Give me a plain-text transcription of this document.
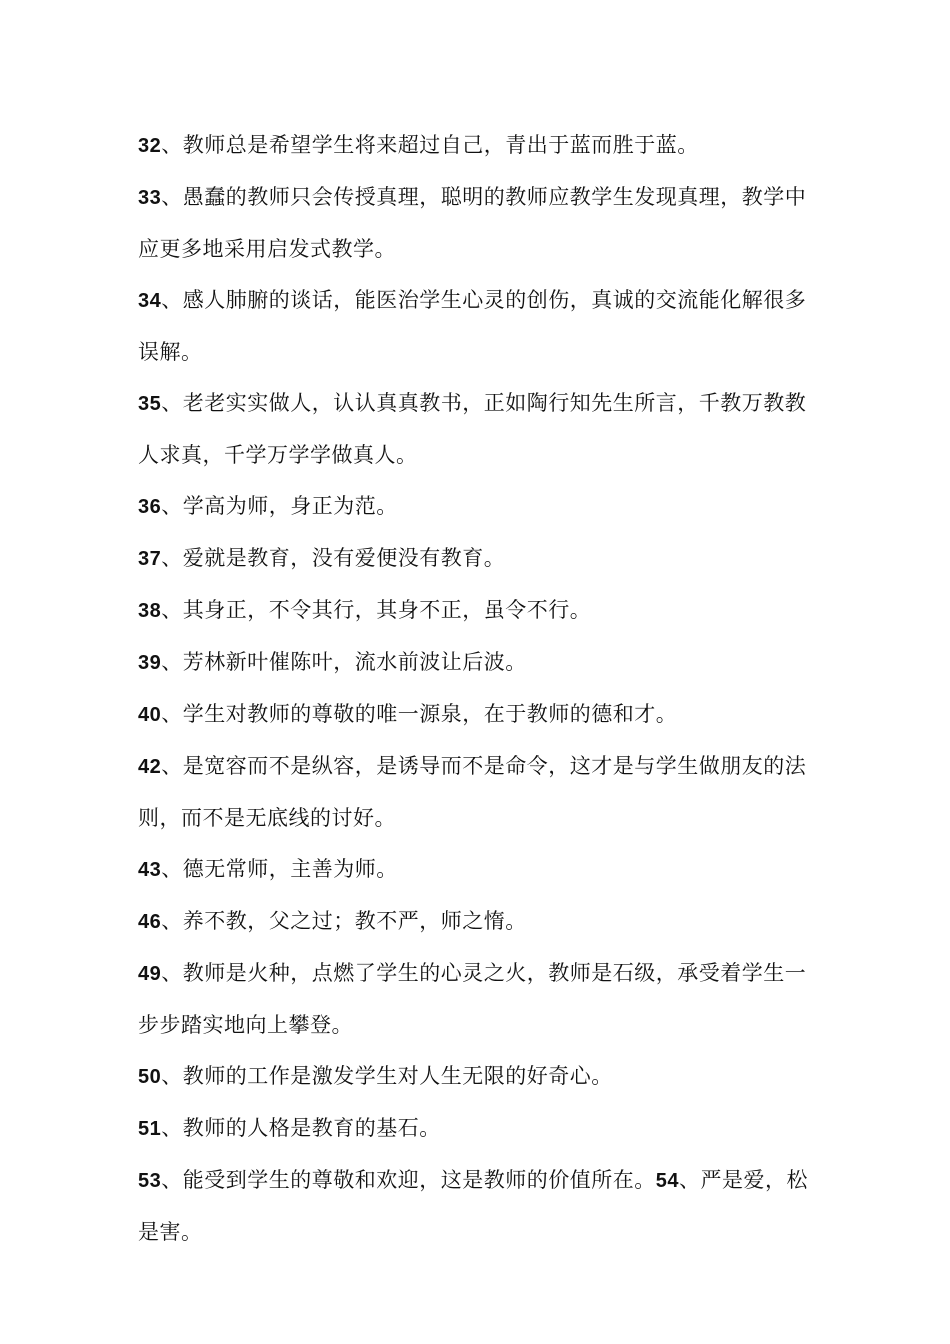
32、教师总是希望学生将来超过自己，青出于蓝而胜于蓝。

33、愚蠢的教师只会传授真理，聪明的教师应教学生发现真理，教学中应更多地采用启发式教学。

34、感人肺腑的谈话，能医治学生心灵的创伤，真诚的交流能化解很多误解。

35、老老实实做人，认认真真教书，正如陶行知先生所言，千教万教教人求真，千学万学学做真人。

36、学高为师，身正为范。

37、爱就是教育，没有爱便没有教育。

38、其身正，不令其行，其身不正，虽令不行。

39、芳林新叶催陈叶，流水前波让后波。

40、学生对教师的尊敬的唯一源泉，在于教师的德和才。

42、是宽容而不是纵容，是诱导而不是命令，这才是与学生做朋友的法则，而不是无底线的讨好。

43、德无常师，主善为师。

46、养不教，父之过；教不严，师之惰。

49、教师是火种，点燃了学生的心灵之火，教师是石级，承受着学生一步步踏实地向上攀登。

50、教师的工作是激发学生对人生无限的好奇心。

51、教师的人格是教育的基石。

53、能受到学生的尊敬和欢迎，这是教师的价值所在。54、严是爱，松是害。
